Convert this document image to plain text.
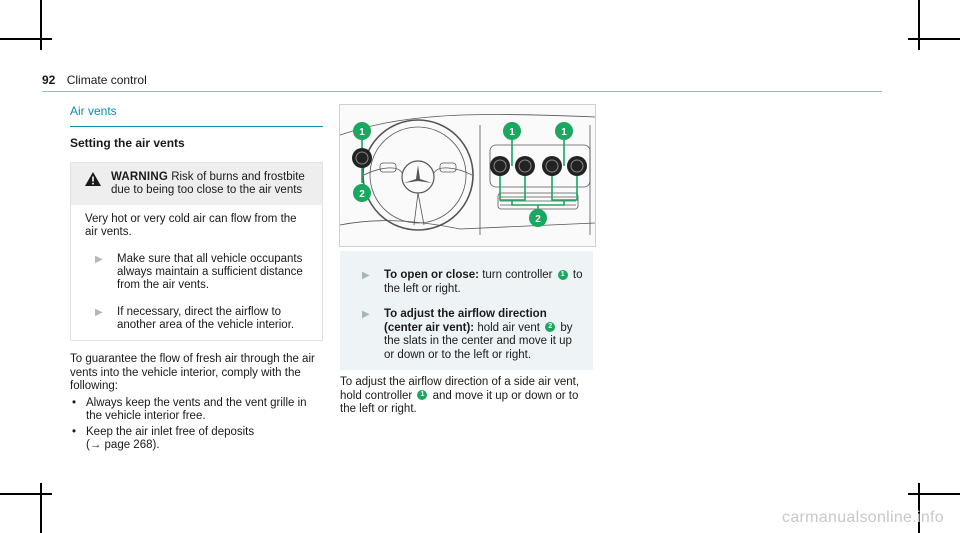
92 Climate control
Air vents
Setting the air vents
WARNING Risk of burns and frostbite due to being too close to the air vents
Very hot or very cold air can flow from the air vents.
▶	Make sure that all vehicle occupants always maintain a sufficient distance from the air vents.
▶	If necessary, direct the airflow to another area of the vehicle interior.
To guarantee the flow of fresh air through the air vents into the vehicle interior, comply with the following:
• Always keep the vents and the vent grille in the vehicle interior free.
• Keep the air inlet free of deposits
(→ page 268).
1
2
1	1
2
▶	To open or close: turn controller 1 to the left or right.
▶	To adjust the airflow direction (center air vent): hold air vent 2 by the slats in the center and move it up or down or to the left or right.
To adjust the airflow direction of a side air vent, hold controller 1 and move it up or down or to the left or right.
carmanualsonline.info
